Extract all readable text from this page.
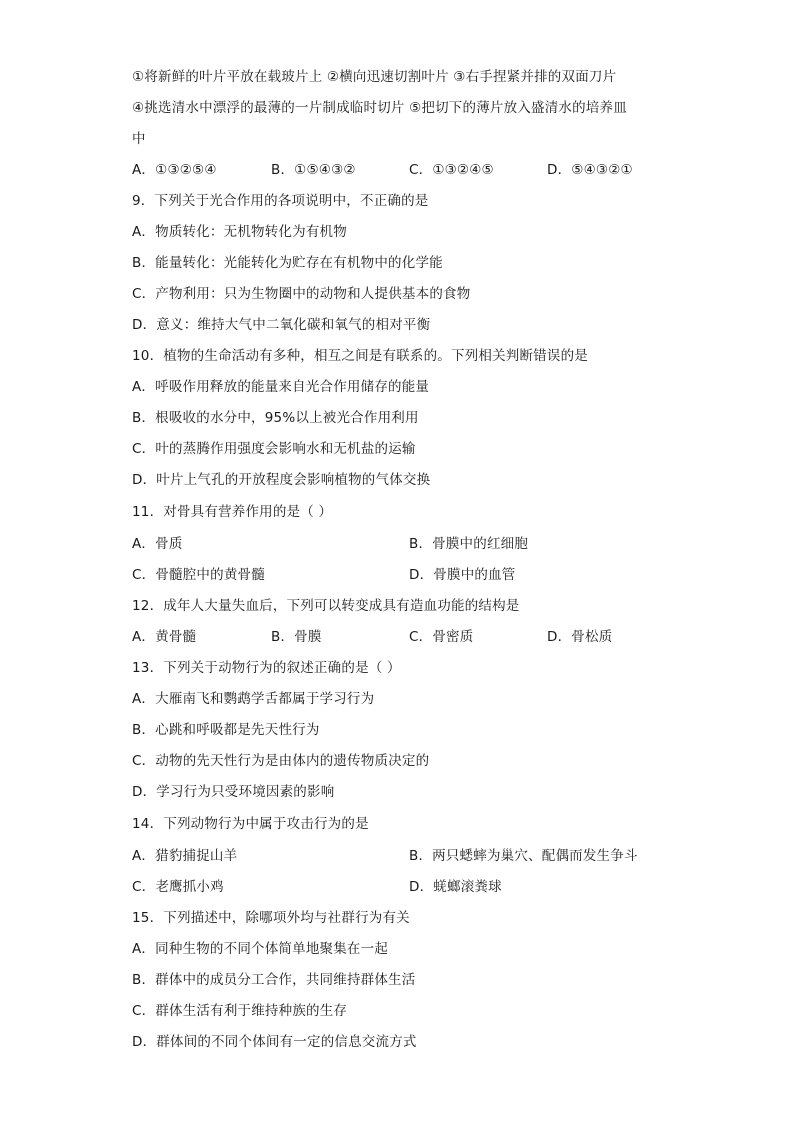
①将新鲜的叶片平放在载玻片上 ②横向迅速切割叶片 ③右手捏紧并排的双面刀片
④挑选清水中漂浮的最薄的一片制成临时切片 ⑤把切下的薄片放入盛清水的培养皿
中
A．①③②⑤④	B．①⑤④③②	C．①③②④⑤	D．⑤④③②①
9．下列关于光合作用的各项说明中，不正确的是
A．物质转化：无机物转化为有机物
B．能量转化：光能转化为贮存在有机物中的化学能
C．产物利用：只为生物圈中的动物和人提供基本的食物
D．意义：维持大气中二氧化碳和氧气的相对平衡
10．植物的生命活动有多种，相互之间是有联系的。下列相关判断错误的是
A．呼吸作用释放的能量来自光合作用储存的能量
B．根吸收的水分中，95%以上被光合作用利用
C．叶的蒸腾作用强度会影响水和无机盐的运输
D．叶片上气孔的开放程度会影响植物的气体交换
11．对骨具有营养作用的是（ ）
A．骨质	B．骨膜中的红细胞
C．骨髓腔中的黄骨髓	D．骨膜中的血管
12．成年人大量失血后，下列可以转变成具有造血功能的结构是
A．黄骨髓	B．骨膜	C．骨密质	D．骨松质
13．下列关于动物行为的叙述正确的是（ ）
A．大雁南飞和鹦鹉学舌都属于学习行为
B．心跳和呼吸都是先天性行为
C．动物的先天性行为是由体内的遗传物质决定的
D．学习行为只受环境因素的影响
14．下列动物行为中属于攻击行为的是
A．猎豹捕捉山羊	B．两只蟋蟀为巢穴、配偶而发生争斗
C．老鹰抓小鸡	D．蜣螂滚粪球
15．下列描述中，除哪项外均与社群行为有关
A．同种生物的不同个体简单地聚集在一起
B．群体中的成员分工合作，共同维持群体生活
C．群体生活有利于维持种族的生存
D．群体间的不同个体间有一定的信息交流方式
